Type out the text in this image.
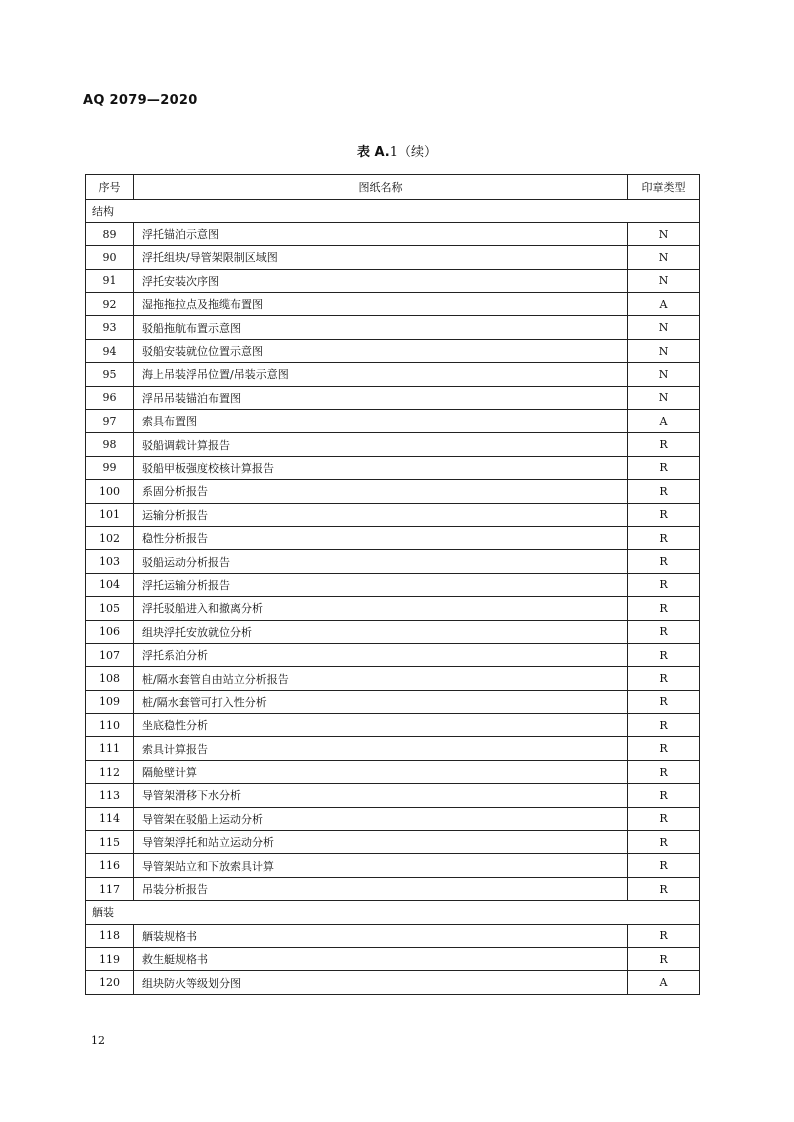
AQ 2079—2020
表 A.1（续）
序号	图纸名称	印章类型
结构		
89	浮托锚泊示意图	N
90	浮托组块/导管架限制区域图	N
91	浮托安装次序图	N
92	湿拖拖拉点及拖缆布置图	A
93	驳船拖航布置示意图	N
94	驳船安装就位位置示意图	N
95	海上吊装浮吊位置/吊装示意图	N
96	浮吊吊装锚泊布置图	N
97	索具布置图	A
98	驳船调载计算报告	R
99	驳船甲板强度校核计算报告	R
100	系固分析报告	R
101	运输分析报告	R
102	稳性分析报告	R
103	驳船运动分析报告	R
104	浮托运输分析报告	R
105	浮托驳船进入和撤离分析	R
106	组块浮托安放就位分析	R
107	浮托系泊分析	R
108	桩/隔水套管自由站立分析报告	R
109	桩/隔水套管可打入性分析	R
110	坐底稳性分析	R
111	索具计算报告	R
112	隔舱壁计算	R
113	导管架滑移下水分析	R
114	导管架在驳船上运动分析	R
115	导管架浮托和站立运动分析	R
116	导管架站立和下放索具计算	R
117	吊装分析报告	R
舾装		
118	舾装规格书	R
119	救生艇规格书	R
120	组块防火等级划分图	A
12
